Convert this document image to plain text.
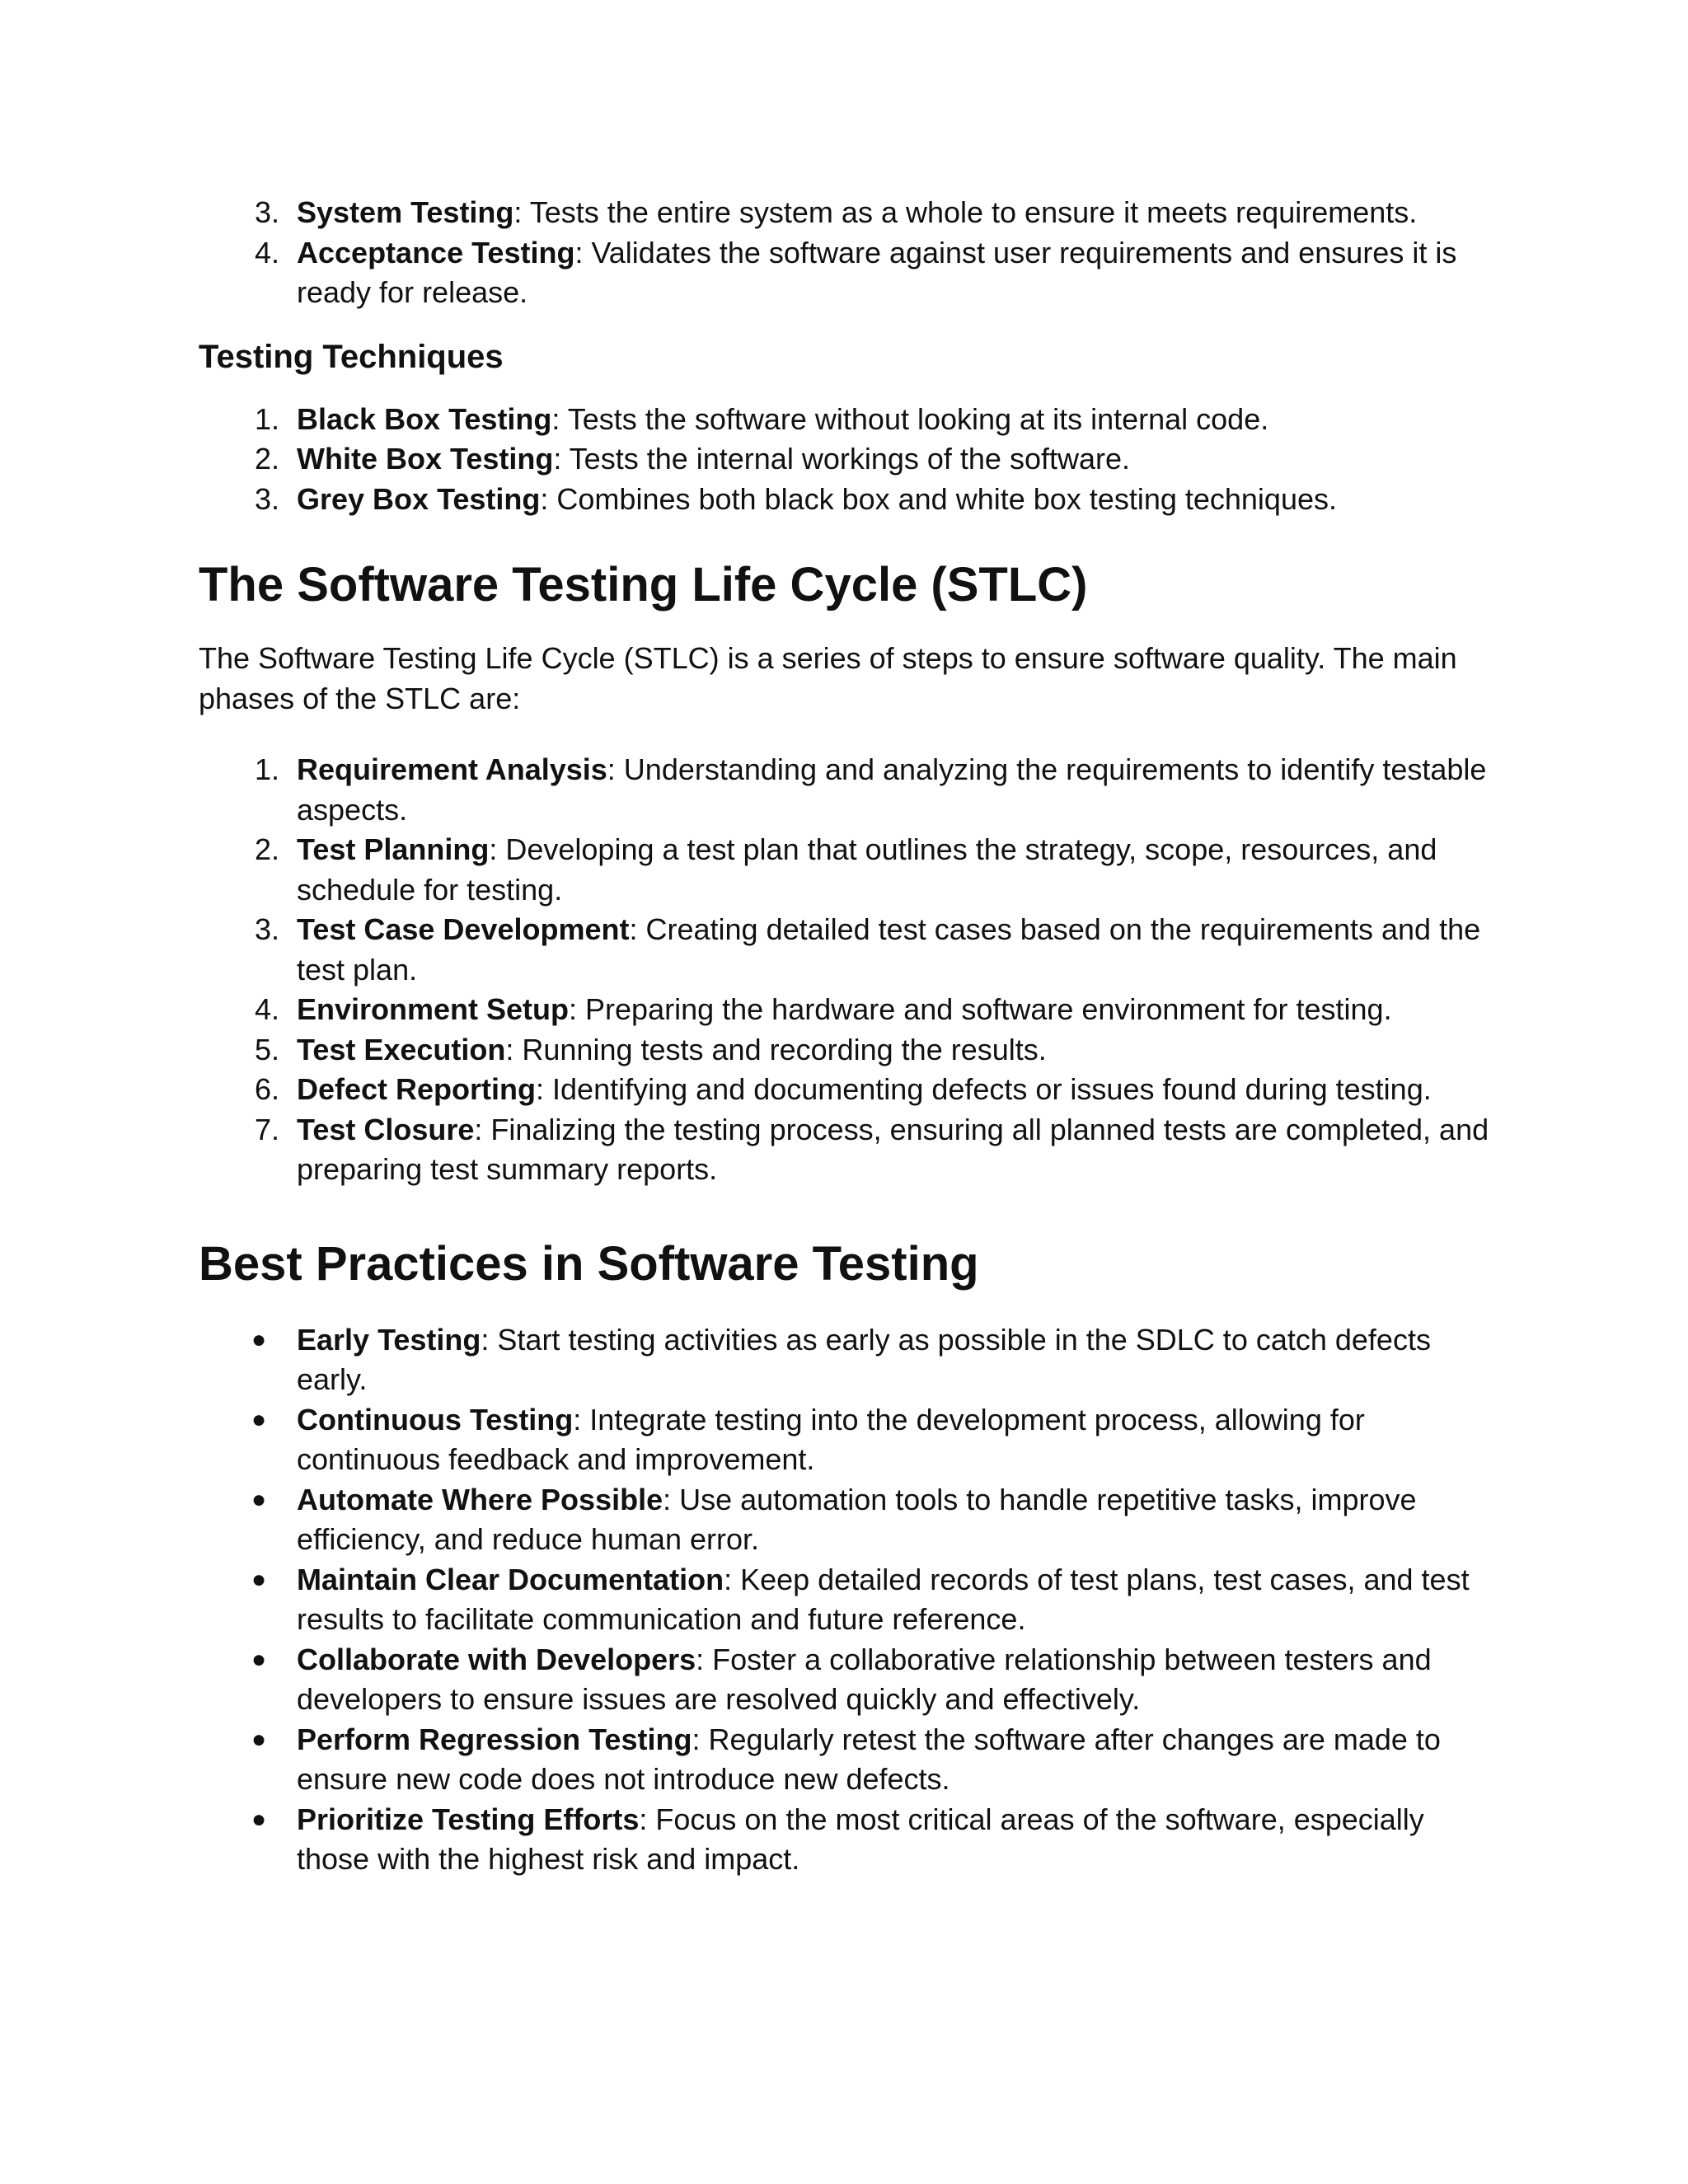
3. System Testing: Tests the entire system as a whole to ensure it meets requirements.
4. Acceptance Testing: Validates the software against user requirements and ensures it is ready for release.
Testing Techniques
1. Black Box Testing: Tests the software without looking at its internal code.
2. White Box Testing: Tests the internal workings of the software.
3. Grey Box Testing: Combines both black box and white box testing techniques.
The Software Testing Life Cycle (STLC)

The Software Testing Life Cycle (STLC) is a series of steps to ensure software quality. The main phases of the STLC are:

1. Requirement Analysis: Understanding and analyzing the requirements to identify testable aspects.
2. Test Planning: Developing a test plan that outlines the strategy, scope, resources, and schedule for testing.
3. Test Case Development: Creating detailed test cases based on the requirements and the test plan.
4. Environment Setup: Preparing the hardware and software environment for testing.
5. Test Execution: Running tests and recording the results.
6. Defect Reporting: Identifying and documenting defects or issues found during testing.
7. Test Closure: Finalizing the testing process, ensuring all planned tests are completed, and preparing test summary reports.
Best Practices in Software Testing
● Early Testing: Start testing activities as early as possible in the SDLC to catch defects early.
● Continuous Testing: Integrate testing into the development process, allowing for continuous feedback and improvement.
● Automate Where Possible: Use automation tools to handle repetitive tasks, improve efficiency, and reduce human error.
● Maintain Clear Documentation: Keep detailed records of test plans, test cases, and test results to facilitate communication and future reference.
● Collaborate with Developers: Foster a collaborative relationship between testers and developers to ensure issues are resolved quickly and effectively.
● Perform Regression Testing: Regularly retest the software after changes are made to ensure new code does not introduce new defects.
● Prioritize Testing Efforts: Focus on the most critical areas of the software, especially those with the highest risk and impact.
